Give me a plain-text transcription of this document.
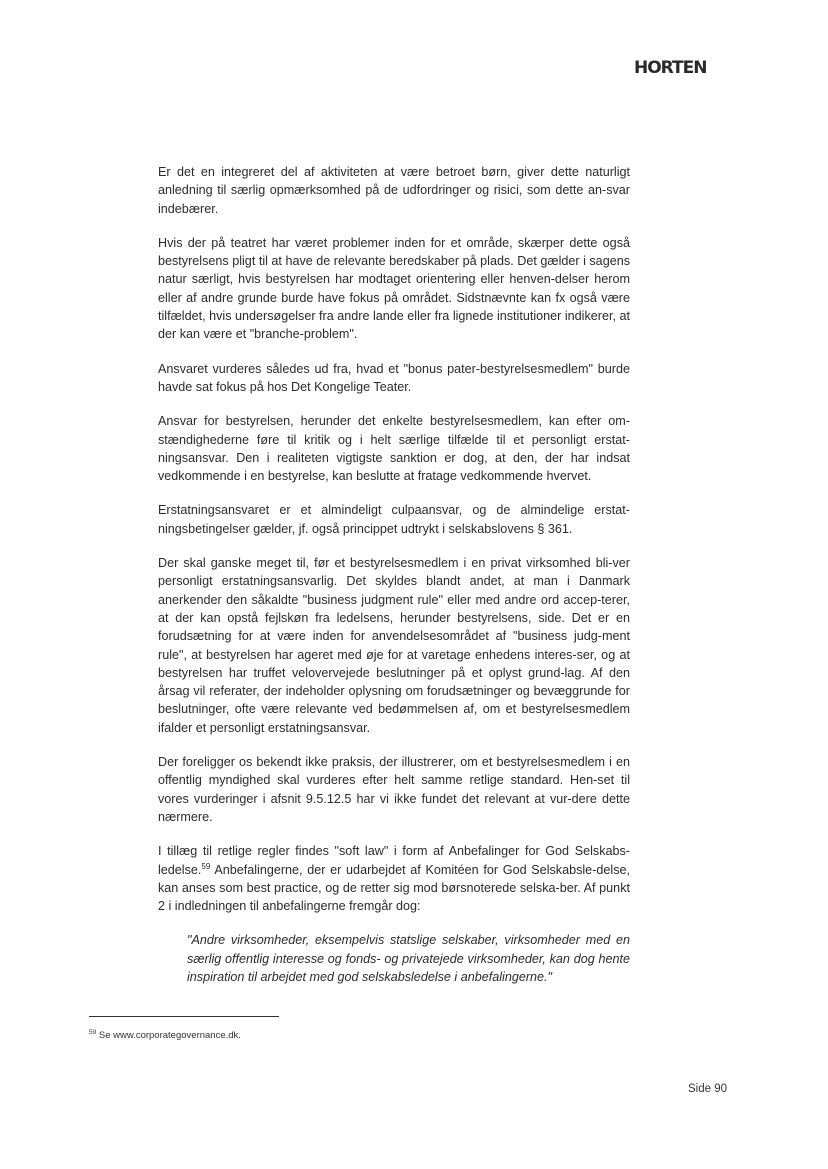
HORTEN

Er det en integreret del af aktiviteten at være betroet børn, giver dette naturligt anledning til særlig opmærksomhed på de udfordringer og risici, som dette an-svar indebærer.

Hvis der på teatret har været problemer inden for et område, skærper dette også bestyrelsens pligt til at have de relevante beredskaber på plads. Det gælder i sagens natur særligt, hvis bestyrelsen har modtaget orientering eller henven-delser herom eller af andre grunde burde have fokus på området. Sidstnævnte kan fx også være tilfældet, hvis undersøgelser fra andre lande eller fra lignede institutioner indikerer, at der kan være et "branche-problem".

Ansvaret vurderes således ud fra, hvad et "bonus pater-bestyrelsesmedlem" burde havde sat fokus på hos Det Kongelige Teater.

Ansvar for bestyrelsen, herunder det enkelte bestyrelsesmedlem, kan efter om-stændighederne føre til kritik og i helt særlige tilfælde til et personligt erstat-ningsansvar. Den i realiteten vigtigste sanktion er dog, at den, der har indsat vedkommende i en bestyrelse, kan beslutte at fratage vedkommende hvervet.

Erstatningsansvaret er et almindeligt culpaansvar, og de almindelige erstat-ningsbetingelser gælder, jf. også princippet udtrykt i selskabslovens § 361.

Der skal ganske meget til, før et bestyrelsesmedlem i en privat virksomhed bli-ver personligt erstatningsansvarlig. Det skyldes blandt andet, at man i Danmark anerkender den såkaldte "business judgment rule" eller med andre ord accep-terer, at der kan opstå fejlskøn fra ledelsens, herunder bestyrelsens, side. Det er en forudsætning for at være inden for anvendelsesområdet af "business judg-ment rule", at bestyrelsen har ageret med øje for at varetage enhedens interes-ser, og at bestyrelsen har truffet velovervejede beslutninger på et oplyst grund-lag. Af den årsag vil referater, der indeholder oplysning om forudsætninger og bevæggrunde for beslutninger, ofte være relevante ved bedømmelsen af, om et bestyrelsesmedlem ifalder et personligt erstatningsansvar.

Der foreligger os bekendt ikke praksis, der illustrerer, om et bestyrelsesmedlem i en offentlig myndighed skal vurderes efter helt samme retlige standard. Hen-set til vores vurderinger i afsnit 9.5.12.5 har vi ikke fundet det relevant at vur-dere dette nærmere.

I tillæg til retlige regler findes "soft law" i form af Anbefalinger for God Selskabs-ledelse.$^{59}$ Anbefalingerne, der er udarbejdet af Komitéen for God Selskabsle-delse, kan anses som best practice, og de retter sig mod børsnoterede selska-ber. Af punkt 2 i indledningen til anbefalingerne fremgår dog:

"Andre virksomheder, eksempelvis statslige selskaber, virksomheder med en særlig offentlig interesse og fonds- og privatejede virksomheder, kan dog hente inspiration til arbejdet med god selskabsledelse i anbefalingerne."

$^{59}$ Se www.corporategovernance.dk.
Side 90
